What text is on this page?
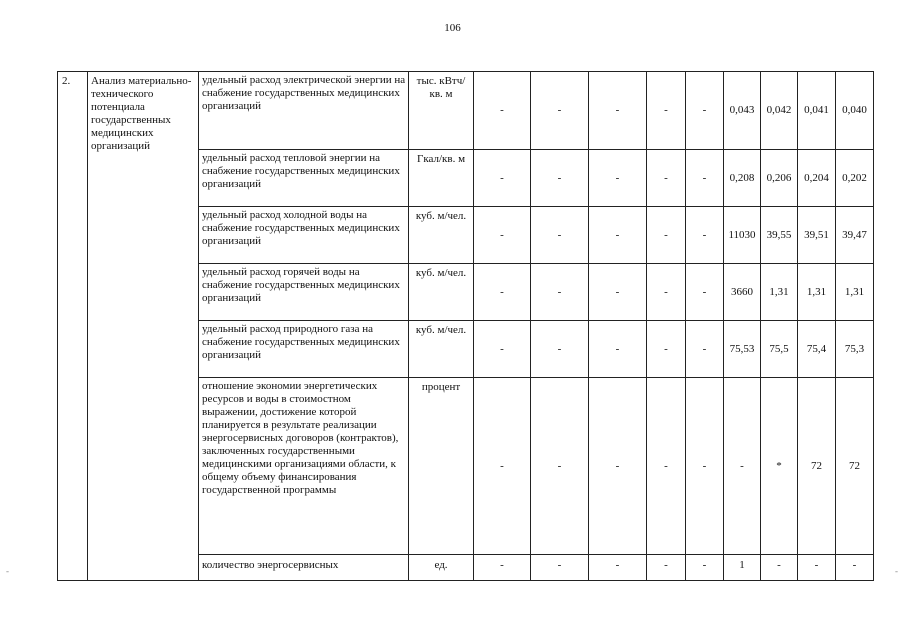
106
-	-
2.	Анализ материально-технического потенциала государственных медицинских организаций	удельный расход электрической энергии на снабжение государственных медицинских организаций	тыс. кВтч/ кв. м	-	-	-	-	-	0,043	0,042	0,041	0,040
		удельный расход тепловой энергии на снабжение государственных медицинских организаций	Гкал/кв. м	-	-	-	-	-	0,208	0,206	0,204	0,202
		удельный расход холодной воды на снабжение государственных медицинских организаций	куб. м/чел.	-	-	-	-	-	11030	39,55	39,51	39,47
		удельный расход горячей воды на снабжение государственных медицинских организаций	куб. м/чел.	-	-	-	-	-	3660	1,31	1,31	1,31
		удельный расход природного газа на снабжение государственных медицинских организаций	куб. м/чел.	-	-	-	-	-	75,53	75,5	75,4	75,3
		отношение экономии энергетических ресурсов и воды в стоимостном выражении, достижение которой планируется в результате реализации энергосервисных договоров (контрактов), заключенных государственными медицинскими организациями области, к общему объему финансирования государственной программы	процент	-	-	-	-	-	-	*	72	72
		количество энергосервисных	ед.	-	-	-	-	-	1	-	-	-
